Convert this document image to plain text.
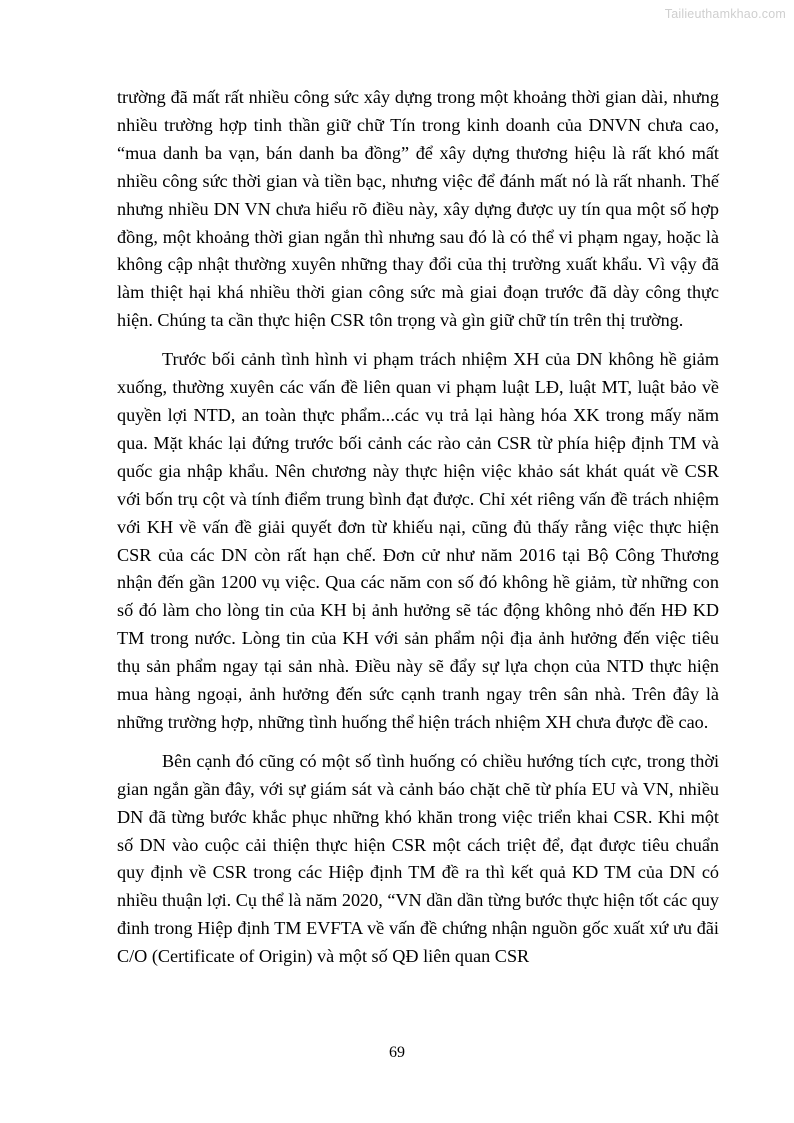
Tailieuthamkhao.com

trường đã mất rất nhiều công sức xây dựng trong một khoảng thời gian dài, nhưng nhiều trường hợp tinh thần giữ chữ Tín trong kinh doanh của DNVN chưa cao, “mua danh ba vạn, bán danh ba đồng” để xây dựng thương hiệu là rất khó mất nhiều công sức thời gian và tiền bạc, nhưng việc để đánh mất nó là rất nhanh. Thế nhưng nhiều DN VN chưa hiểu rõ điều này, xây dựng được uy tín qua một số hợp đồng, một khoảng thời gian ngắn thì nhưng sau đó là có thể vi phạm ngay, hoặc là không cập nhật thường xuyên những thay đổi của thị trường xuất khẩu. Vì vậy đã làm thiệt hại khá nhiều thời gian công sức mà giai đoạn trước đã dày công thực hiện. Chúng ta cần thực hiện CSR tôn trọng và gìn giữ chữ tín trên thị trường.

Trước bối cảnh tình hình vi phạm trách nhiệm XH của DN không hề giảm xuống, thường xuyên các vấn đề liên quan vi phạm luật LĐ, luật MT, luật bảo về quyền lợi NTD, an toàn thực phẩm...các vụ trả lại hàng hóa XK trong mấy năm qua. Mặt khác lại đứng trước bối cảnh các rào cản CSR từ phía hiệp định TM và quốc gia nhập khẩu. Nên chương này thực hiện việc khảo sát khát quát về CSR với bốn trụ cột và tính điểm trung bình đạt được. Chỉ xét riêng vấn đề trách nhiệm với KH về vấn đề giải quyết đơn từ khiếu nại, cũng đủ thấy rằng việc thực hiện CSR của các DN còn rất hạn chế. Đơn cử như năm 2016 tại Bộ Công Thương nhận đến gần 1200 vụ việc. Qua các năm con số đó không hề giảm, từ những con số đó làm cho lòng tin của KH bị ảnh hưởng sẽ tác động không nhỏ đến HĐ KD TM trong nước. Lòng tin của KH với sản phẩm nội địa ảnh hưởng đến việc tiêu thụ sản phẩm ngay tại sản nhà. Điều này sẽ đẩy sự lựa chọn của NTD thực hiện mua hàng ngoại, ảnh hưởng đến sức cạnh tranh ngay trên sân nhà. Trên đây là những trường hợp, những tình huống thể hiện trách nhiệm XH chưa được đề cao.

Bên cạnh đó cũng có một số tình huống có chiều hướng tích cực, trong thời gian ngắn gần đây, với sự giám sát và cảnh báo chặt chẽ từ phía EU và VN, nhiều DN đã từng bước khắc phục những khó khăn trong việc triển khai CSR. Khi một số DN vào cuộc cải thiện thực hiện CSR một cách triệt để, đạt được tiêu chuẩn quy định về CSR trong các Hiệp định TM đề ra thì kết quả KD TM của DN có nhiều thuận lợi. Cụ thể là năm 2020, “VN dần dần từng bước thực hiện tốt các quy đinh trong Hiệp định TM EVFTA về vấn đề chứng nhận nguồn gốc xuất xứ ưu đãi C/O (Certificate of Origin) và một số QĐ liên quan CSR

69
